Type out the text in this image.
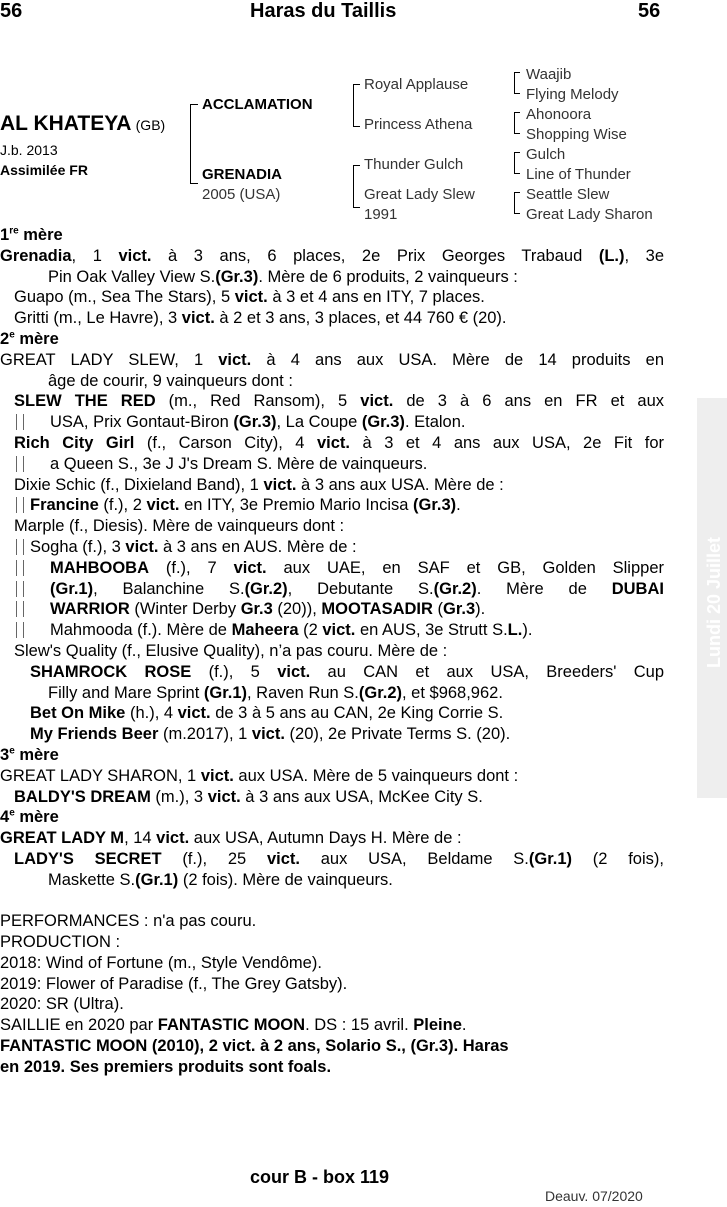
56	Haras du Taillis	56
AL KHATEYA (GB)
J.b. 2013
Assimilée FR
ACCLAMATION
GRENADIA
2005 (USA)
Royal Applause
Princess Athena
Thunder Gulch
Great Lady Slew
1991
Waajib
Flying Melody
Ahonoora
Shopping Wise
Gulch
Line of Thunder
Seattle Slew
Great Lady Sharon
Lundi 20 Juillet
1re mère
Grenadia, 1 vict. à 3 ans, 6 places, 2e Prix Georges Trabaud (L.), 3e
Pin Oak Valley View S.(Gr.3). Mère de 6 produits, 2 vainqueurs :
Guapo (m., Sea The Stars), 5 vict. à 3 et 4 ans en ITY, 7 places.
Gritti (m., Le Havre), 3 vict. à 2 et 3 ans, 3 places, et 44 760 € (20).
2e mère
GREAT LADY SLEW, 1 vict. à 4 ans aux USA. Mère de 14 produits en
âge de courir, 9 vainqueurs dont :
SLEW THE RED (m., Red Ransom), 5 vict. de 3 à 6 ans en FR et aux
USA, Prix Gontaut-Biron (Gr.3), La Coupe (Gr.3). Etalon.
Rich City Girl (f., Carson City), 4 vict. à 3 et 4 ans aux USA, 2e Fit for
a Queen S., 3e J J's Dream S. Mère de vainqueurs.
Dixie Schic (f., Dixieland Band), 1 vict. à 3 ans aux USA. Mère de :
Francine (f.), 2 vict. en ITY, 3e Premio Mario Incisa (Gr.3).
Marple (f., Diesis). Mère de vainqueurs dont :
Sogha (f.), 3 vict. à 3 ans en AUS. Mère de :
MAHBOOBA (f.), 7 vict. aux UAE, en SAF et GB, Golden Slipper
(Gr.1), Balanchine S.(Gr.2), Debutante S.(Gr.2). Mère de DUBAI
WARRIOR (Winter Derby Gr.3 (20)), MOOTASADIR (Gr.3).
Mahmooda (f.). Mère de Maheera (2 vict. en AUS, 3e Strutt S.L.).
Slew's Quality (f., Elusive Quality), n’a pas couru. Mère de :
SHAMROCK ROSE (f.), 5 vict. au CAN et aux USA, Breeders' Cup
Filly and Mare Sprint (Gr.1), Raven Run S.(Gr.2), et $968,962.
Bet On Mike (h.), 4 vict. de 3 à 5 ans au CAN, 2e King Corrie S.
My Friends Beer (m.2017), 1 vict. (20), 2e Private Terms S. (20).
3e mère
GREAT LADY SHARON, 1 vict. aux USA. Mère de 5 vainqueurs dont :
BALDY'S DREAM (m.), 3 vict. à 3 ans aux USA, McKee City S.
4e mère
GREAT LADY M, 14 vict. aux USA, Autumn Days H. Mère de :
LADY'S SECRET (f.), 25 vict. aux USA, Beldame S.(Gr.1) (2 fois),
Maskette S.(Gr.1) (2 fois). Mère de vainqueurs.
PERFORMANCES : n'a pas couru.
PRODUCTION :
2018: Wind of Fortune (m., Style Vendôme).
2019: Flower of Paradise (f., The Grey Gatsby).
2020: SR (Ultra).
SAILLIE en 2020 par FANTASTIC MOON. DS : 15 avril. Pleine.
FANTASTIC MOON (2010), 2 vict. à 2 ans, Solario S., (Gr.3). Haras
en 2019. Ses premiers produits sont foals.
cour B - box 119
Deauv. 07/2020
